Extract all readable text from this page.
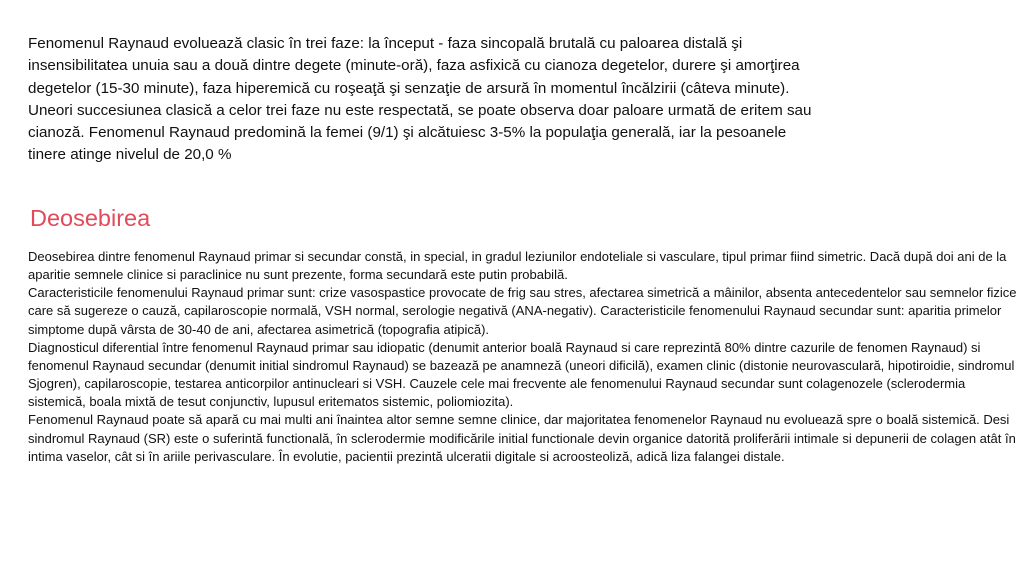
Fenomenul Raynaud evoluează clasic în trei faze: la început - faza sincopală brutală cu paloarea distală şi insensibilitatea unuia sau a două dintre degete (minute-oră), faza asfixică cu cianoza degetelor, durere şi amorţirea degetelor (15-30 minute), faza hiperemică cu roşeaţă şi senzaţie de arsură în momentul încălzirii (câteva minute). Uneori succesiunea clasică a celor trei faze nu este respectată, se poate observa doar paloare urmată de eritem sau cianoză. Fenomenul Raynaud predomină la femei (9/1) şi alcătuiesc 3-5% la populaţia generală, iar la pesoanele tinere atinge nivelul de 20,0 %

Deosebirea

Deosebirea dintre fenomenul Raynaud primar si secundar constă, in special, in gradul leziunilor endoteliale si vasculare, tipul primar fiind simetric. Dacă după doi ani de la aparitie semnele clinice si paraclinice nu sunt prezente, forma secundară este putin probabilă.

Caracteristicile fenomenului Raynaud primar sunt: crize vasospastice provocate de frig sau stres, afectarea simetrică a mâinilor, absenta antecedentelor sau semnelor fizice care să sugereze o cauză, capilaroscopie normală, VSH normal, serologie negativă (ANA-negativ). Caracteristicile fenomenului Raynaud secundar sunt: aparitia primelor simptome după vârsta de 30-40 de ani, afectarea asimetrică (topografia atipică).

Diagnosticul diferential între fenomenul Raynaud primar sau idiopatic (denumit anterior boală Raynaud si care reprezintă 80% dintre cazurile de fenomen Raynaud) si fenomenul Raynaud secundar (denumit initial sindromul Raynaud) se bazează pe anamneză (uneori dificilă), examen clinic (distonie neurovasculară, hipotiroidie, sindromul Sjogren), capilaroscopie, testarea anticorpilor antinucleari si VSH. Cauzele cele mai frecvente ale fenomenului Raynaud secundar sunt colagenozele (sclerodermia sistemică, boala mixtă de tesut conjunctiv, lupusul eritematos sistemic, poliomiozita).

Fenomenul Raynaud poate să apară cu mai multi ani înaintea altor semne semne clinice, dar majoritatea fenomenelor Raynaud nu evoluează spre o boală sistemică. Desi sindromul Raynaud (SR) este o suferintă functională, în sclerodermie modificările initial functionale devin organice datorită proliferării intimale si depunerii de colagen atât în intima vaselor, cât si în ariile perivasculare. În evolutie, pacientii prezintă ulceratii digitale si acroosteoliză, adică liza falangei distale.
